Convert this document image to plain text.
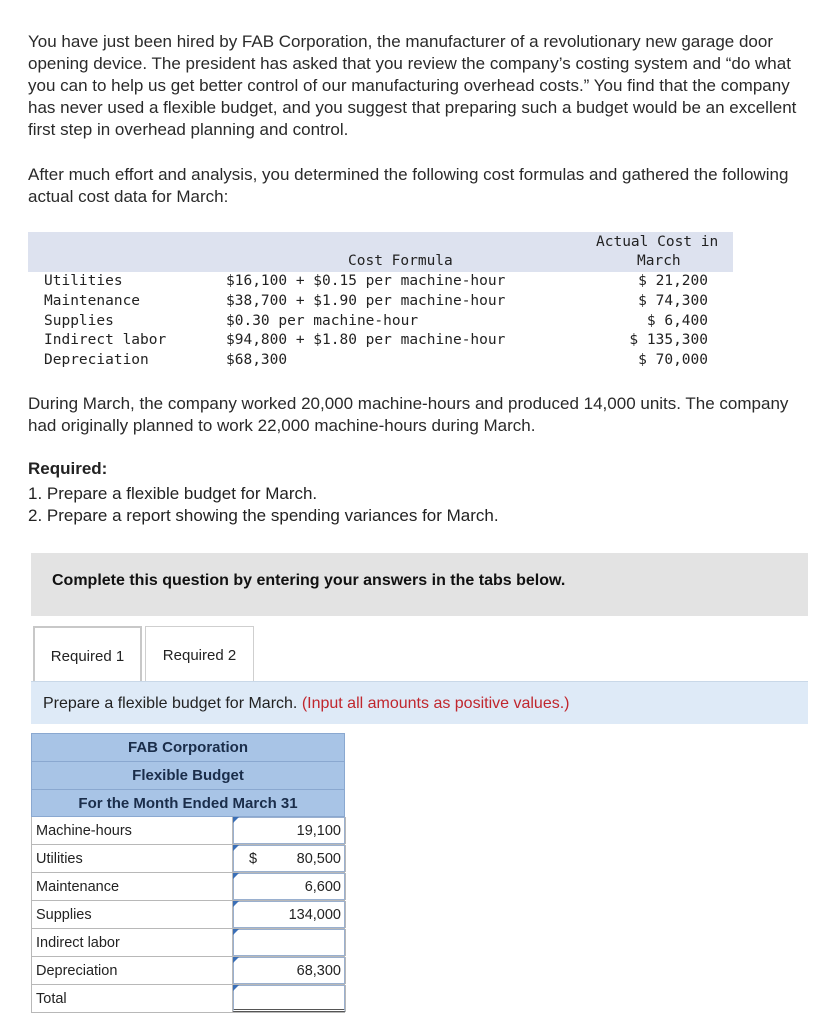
You have just been hired by FAB Corporation, the manufacturer of a revolutionary new garage door opening device. The president has asked that you review the company’s costing system and “do what you can to help us get better control of our manufacturing overhead costs.” You find that the company has never used a flexible budget, and you suggest that preparing such a budget would be an excellent first step in overhead planning and control.

After much effort and analysis, you determined the following cost formulas and gathered the following actual cost data for March:

Cost Formula
Actual Cost in
March
Utilities	$16,100 + $0.15 per machine-hour	$ 21,200
Maintenance	$38,700 + $1.90 per machine-hour	$ 74,300
Supplies	$0.30 per machine-hour	$ 6,400
Indirect labor	$94,800 + $1.80 per machine-hour	$ 135,300
Depreciation	$68,300	$ 70,000

During March, the company worked 20,000 machine-hours and produced 14,000 units. The company had originally planned to work 22,000 machine-hours during March.

Required:
1. Prepare a flexible budget for March.
2. Prepare a report showing the spending variances for March.
Complete this question by entering your answers in the tabs below.
Required 1	Required 2
Prepare a flexible budget for March. (Input all amounts as positive values.)
FAB Corporation
Flexible Budget
For the Month Ended March 31
Machine-hours	19,100
Utilities	$	80,500
Maintenance	6,600
Supplies	134,000
Indirect labor
Depreciation	68,300
Total
